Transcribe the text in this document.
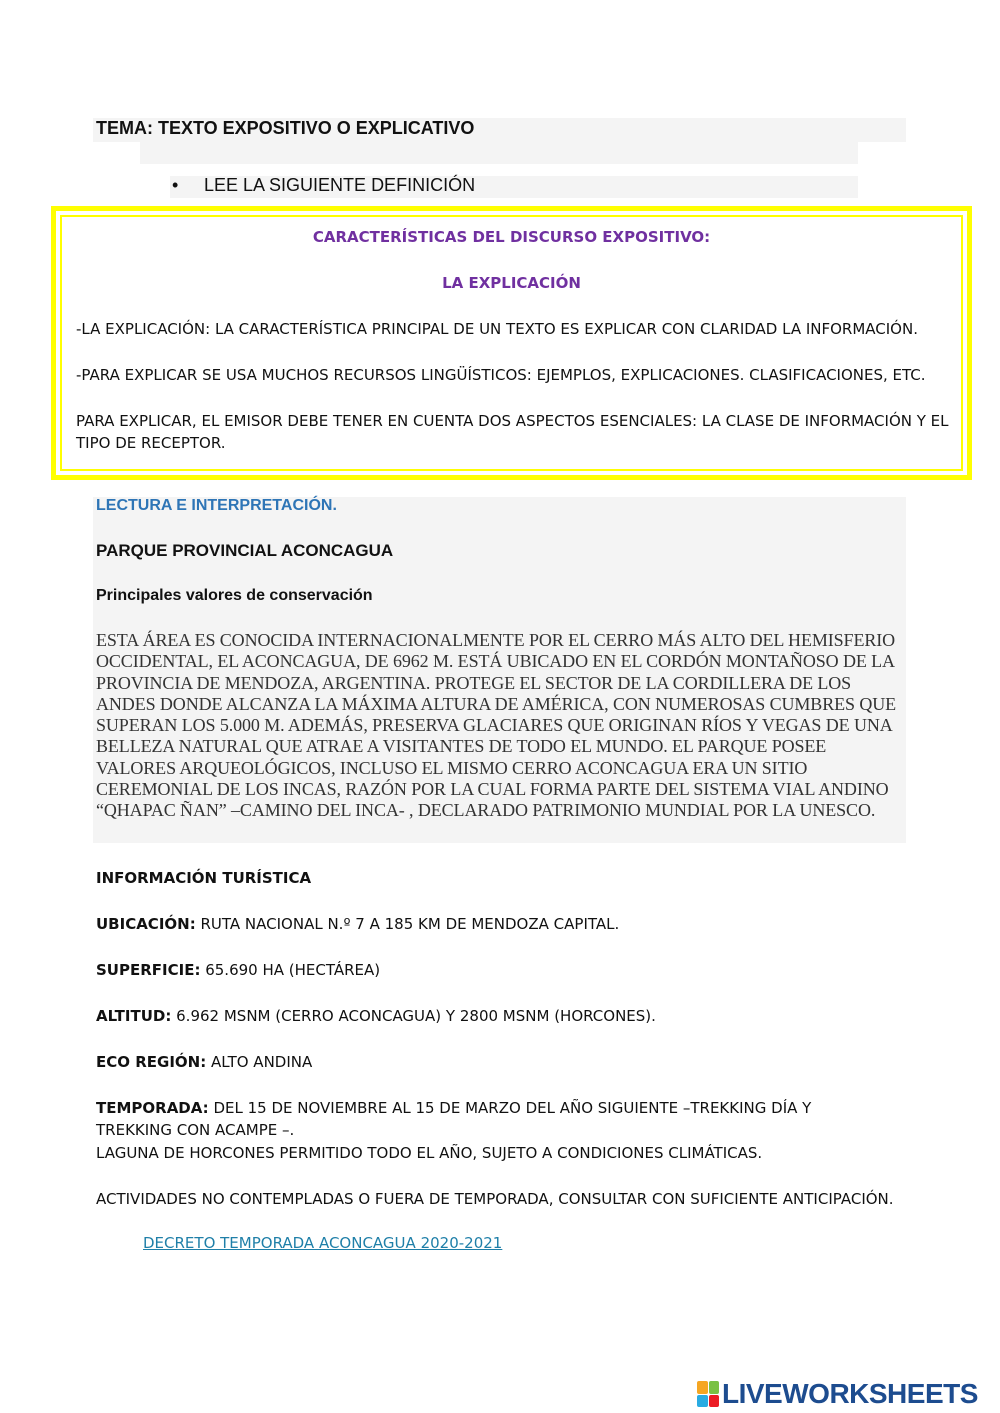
TEMA: TEXTO EXPOSITIVO O EXPLICATIVO
• LEE LA SIGUIENTE DEFINICIÓN
CARACTERÍSTICAS DEL DISCURSO EXPOSITIVO:
LA EXPLICACIÓN
-LA EXPLICACIÓN: LA CARACTERÍSTICA PRINCIPAL DE UN TEXTO ES EXPLICAR CON CLARIDAD LA INFORMACIÓN.
-PARA EXPLICAR SE USA MUCHOS RECURSOS LINGÜÍSTICOS: EJEMPLOS, EXPLICACIONES. CLASIFICACIONES, ETC.
PARA EXPLICAR, EL EMISOR DEBE TENER EN CUENTA DOS ASPECTOS ESENCIALES: LA CLASE DE INFORMACIÓN Y EL TIPO DE RECEPTOR.
LECTURA E INTERPRETACIÓN.
PARQUE PROVINCIAL ACONCAGUA
Principales valores de conservación
ESTA ÁREA ES CONOCIDA INTERNACIONALMENTE POR EL CERRO MÁS ALTO DEL HEMISFERIO OCCIDENTAL, EL ACONCAGUA, DE 6962 M. ESTÁ UBICADO EN EL CORDÓN MONTAÑOSO DE LA PROVINCIA DE MENDOZA, ARGENTINA. PROTEGE EL SECTOR DE LA CORDILLERA DE LOS ANDES DONDE ALCANZA LA MÁXIMA ALTURA DE AMÉRICA, CON NUMEROSAS CUMBRES QUE SUPERAN LOS 5.000 M. ADEMÁS, PRESERVA GLACIARES QUE ORIGINAN RÍOS Y VEGAS DE UNA BELLEZA NATURAL QUE ATRAE A VISITANTES DE TODO EL MUNDO. EL PARQUE POSEE VALORES ARQUEOLÓGICOS, INCLUSO EL MISMO CERRO ACONCAGUA ERA UN SITIO CEREMONIAL DE LOS INCAS, RAZÓN POR LA CUAL FORMA PARTE DEL SISTEMA VIAL ANDINO “QHAPAC ÑAN” –CAMINO DEL INCA- , DECLARADO PATRIMONIO MUNDIAL POR LA UNESCO.
INFORMACIÓN TURÍSTICA
UBICACIÓN: RUTA NACIONAL N.º 7 A 185 KM DE MENDOZA CAPITAL.
SUPERFICIE: 65.690 HA (HECTÁREA)
ALTITUD: 6.962 MSNM (CERRO ACONCAGUA) Y 2800 MSNM (HORCONES).
ECO REGIÓN: ALTO ANDINA
TEMPORADA: DEL 15 DE NOVIEMBRE AL 15 DE MARZO DEL AÑO SIGUIENTE –TREKKING DÍA Y TREKKING CON ACAMPE –.
LAGUNA DE HORCONES PERMITIDO TODO EL AÑO, SUJETO A CONDICIONES CLIMÁTICAS.
ACTIVIDADES NO CONTEMPLADAS O FUERA DE TEMPORADA, CONSULTAR CON SUFICIENTE ANTICIPACIÓN.
DECRETO TEMPORADA ACONCAGUA 2020-2021
LIVEWORKSHEETS
